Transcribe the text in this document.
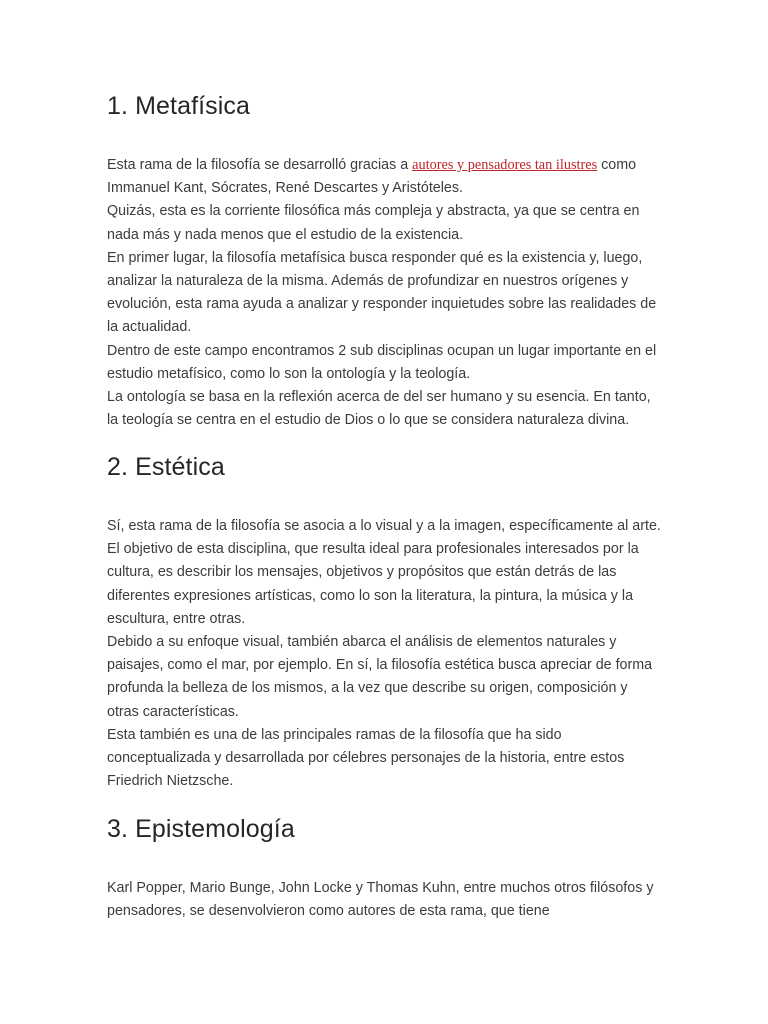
1. Metafísica

Esta rama de la filosofía se desarrolló gracias a autores y pensadores tan ilustres como Immanuel Kant, Sócrates, René Descartes y Aristóteles.

Quizás, esta es la corriente filosófica más compleja y abstracta, ya que se centra en nada más y nada menos que el estudio de la existencia.

En primer lugar, la filosofía metafísica busca responder qué es la existencia y, luego, analizar la naturaleza de la misma. Además de profundizar en nuestros orígenes y evolución, esta rama ayuda a analizar y responder inquietudes sobre las realidades de la actualidad.

Dentro de este campo encontramos 2 sub disciplinas ocupan un lugar importante en el estudio metafísico, como lo son la ontología y la teología.

La ontología se basa en la reflexión acerca de del ser humano y su esencia. En tanto, la teología se centra en el estudio de Dios o lo que se considera naturaleza divina.

2. Estética

Sí, esta rama de la filosofía se asocia a lo visual y a la imagen, específicamente al arte.

El objetivo de esta disciplina, que resulta ideal para profesionales interesados por la cultura, es describir los mensajes, objetivos y propósitos que están detrás de las diferentes expresiones artísticas, como lo son la literatura, la pintura, la música y la escultura, entre otras.

Debido a su enfoque visual, también abarca el análisis de elementos naturales y paisajes, como el mar, por ejemplo. En sí, la filosofía estética busca apreciar de forma profunda la belleza de los mismos, a la vez que describe su origen, composición y otras características.

Esta también es una de las principales ramas de la filosofía que ha sido conceptualizada y desarrollada por célebres personajes de la historia, entre estos Friedrich Nietzsche.

3. Epistemología

Karl Popper, Mario Bunge, John Locke y Thomas Kuhn, entre muchos otros filósofos y pensadores, se desenvolvieron como autores de esta rama, que tiene
